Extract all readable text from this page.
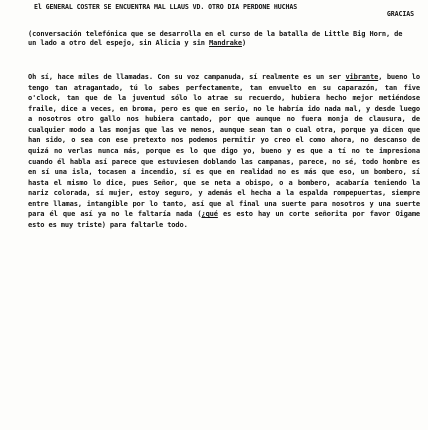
El GENERAL COSTER SE ENCUENTRA MAL LLAUS VD. OTRO DIA PERDONE HUCHAS
GRACIAS
(conversación telefónica que se desarrolla en el curso de la batalla de Little Big Horn, de un lado a otro del espejo, sin Alicia y sin Mandrake)
Oh sí, hace miles de llamadas. Con su voz campanuda, sí realmente es un ser vibrante, bueno lo tengo tan atragantado, tú lo sabes perfectamente, tan envuelto en su caparazón, tan five o'clock, tan que de la juventud sólo lo atrae su recuerdo, hubiera hecho mejor metiéndose fraile, dice a veces, en broma, pero es que en serio, no le habría ido nada mal, y desde luego a nosotros otro gallo nos hubiera cantado, por que aunque no fuera monja de clausura, de cualquier modo a las monjas que las ve menos, aunque sean tan o cual otra, porque ya dicen que han sido, o sea con ese pretexto nos podemos permitir yo creo el como ahora, no descanso de quizá no verlas nunca más, porque es lo que digo yo, bueno y es que a tí no te impresiona cuando él habla así parece que estuviesen doblando las campanas, parece, no sé, todo hombre es en sí una isla, tocasen a incendio, sí es que en realidad no es más que eso, un bombero, sí hasta el mismo lo dice, pues Señor, que se neta a obispo, o a bombero, acabaría teniendo la nariz colorada, sí mujer, estoy seguro, y además el hecha a la espalda rompepuertas, siempre entre llamas, intangible por lo tanto, así que al final una suerte para nosotros y una suerte para él que así ya no le faltaría nada (¿qué es esto hay un corte señorita por favor Oigame esto es muy triste) para faltarle todo.
